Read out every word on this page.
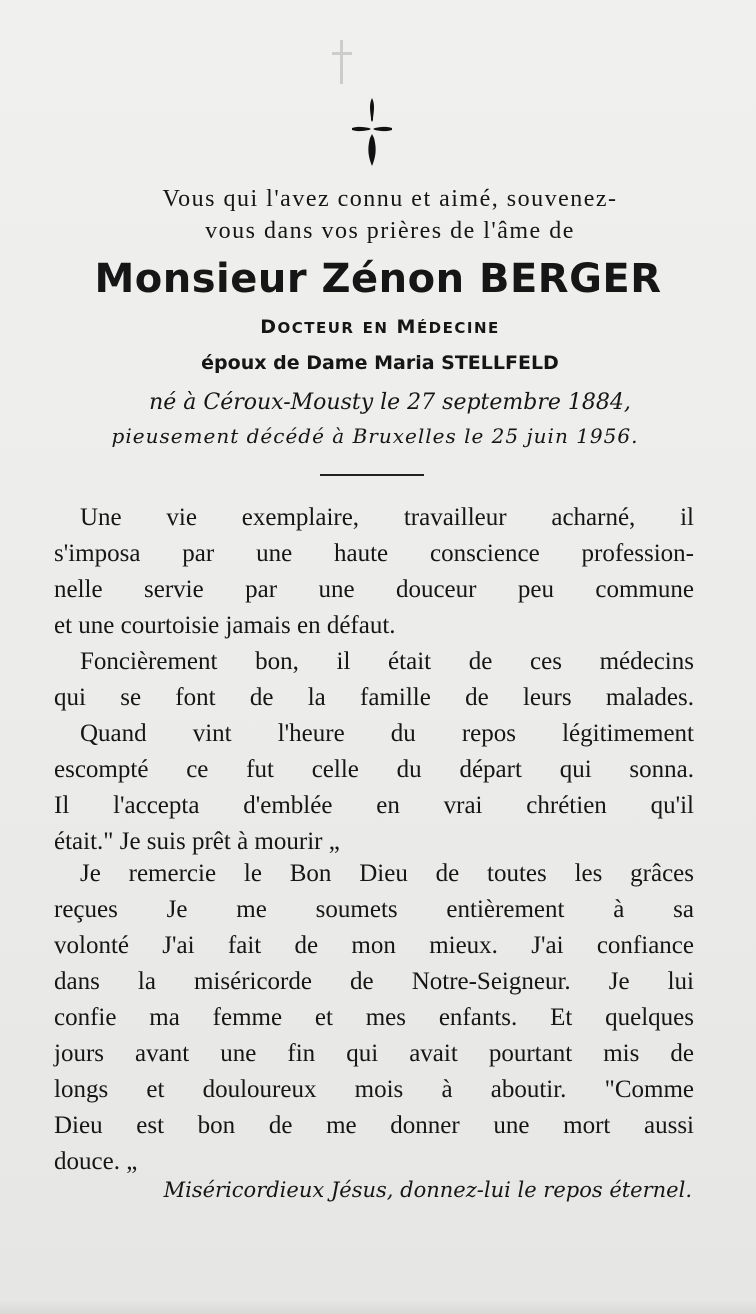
Vous qui l'avez connu et aimé, souvenez-
vous dans vos prières de l'âme de
Monsieur Zénon BERGER
DOCTEUR EN MÉDECINE
époux de Dame Maria STELLFELD
né à Céroux-Mousty le 27 septembre 1884,
pieusement décédé à Bruxelles le 25 juin 1956.
Une vie exemplaire, travailleur acharné, il
s'imposa par une haute conscience profession-
nelle servie par une douceur peu commune
et une courtoisie jamais en défaut.
Foncièrement bon, il était de ces médecins
qui se font de la famille de leurs malades.
Quand vint l'heure du repos légitimement
escompté ce fut celle du départ qui sonna.
Il l'accepta d'emblée en vrai chrétien qu'il
était." Je suis prêt à mourir „
Je remercie le Bon Dieu de toutes les grâces
reçues Je me soumets entièrement à sa
volonté J'ai fait de mon mieux. J'ai confiance
dans la miséricorde de Notre-Seigneur. Je lui
confie ma femme et mes enfants. Et quelques
jours avant une fin qui avait pourtant mis de
longs et douloureux mois à aboutir. "Comme
Dieu est bon de me donner une mort aussi
douce. „
Miséricordieux Jésus, donnez-lui le repos éternel.
